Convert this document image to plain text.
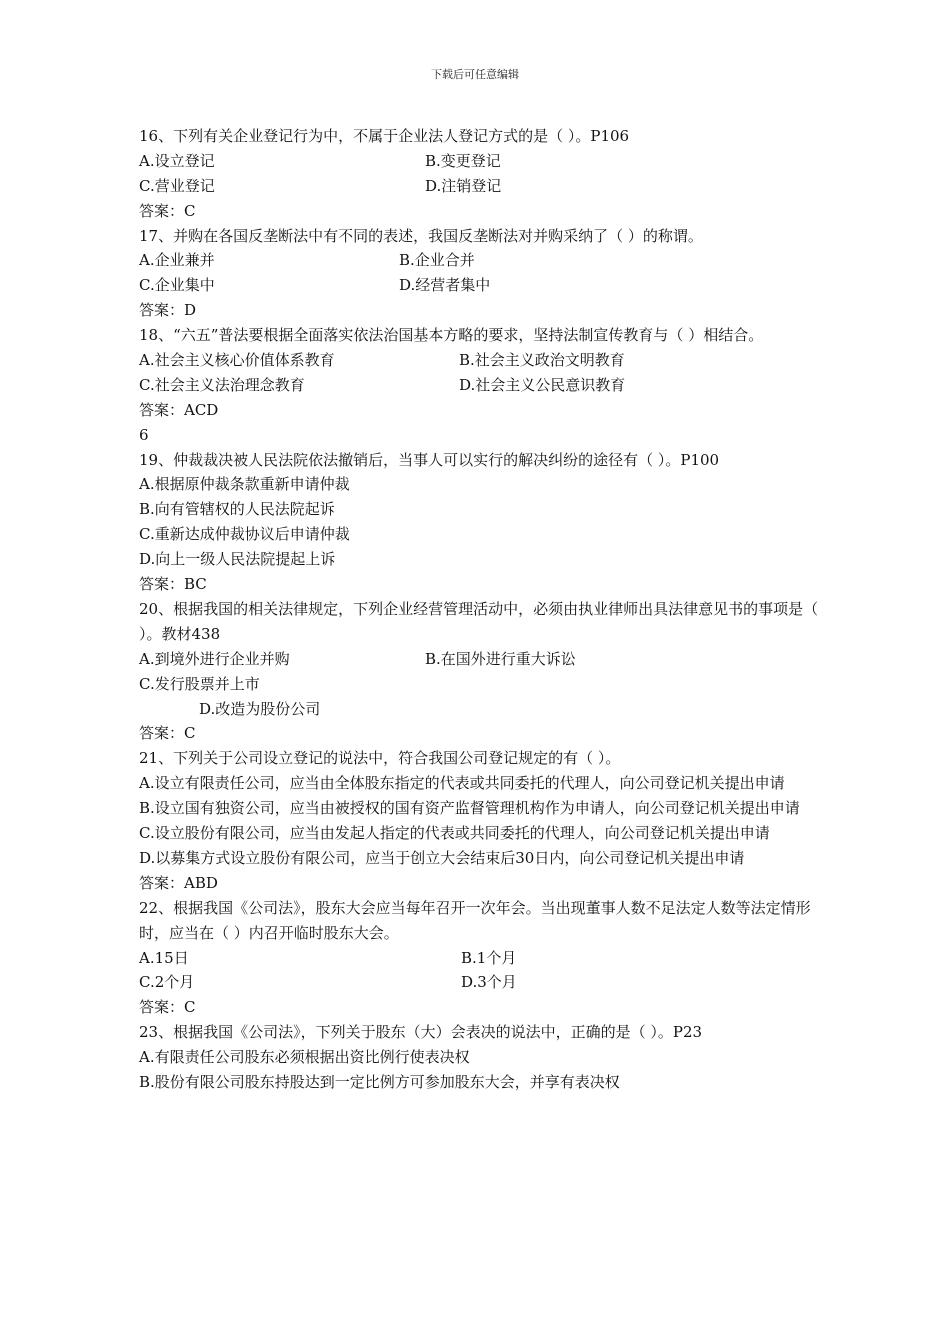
下载后可任意编辑
16、下列有关企业登记行为中，不属于企业法人登记方式的是（ ）。P106
A.设立登记	B.变更登记
C.营业登记	D.注销登记
答案：C
17、并购在各国反垄断法中有不同的表述，我国反垄断法对并购采纳了（ ）的称谓。
A.企业兼并	B.企业合并
C.企业集中	D.经营者集中
答案：D
18、“六五”普法要根据全面落实依法治国基本方略的要求，坚持法制宣传教育与（ ）相结合。
A.社会主义核心价值体系教育	B.社会主义政治文明教育
C.社会主义法治理念教育	D.社会主义公民意识教育
答案：ACD
6
19、仲裁裁决被人民法院依法撤销后，当事人可以实行的解决纠纷的途径有（ ）。P100
A.根据原仲裁条款重新申请仲裁
B.向有管辖权的人民法院起诉
C.重新达成仲裁协议后申请仲裁
D.向上一级人民法院提起上诉
答案：BC
20、根据我国的相关法律规定，下列企业经营管理活动中，必须由执业律师出具法律意见书的事项是（ ）。教材438
A.到境外进行企业并购	B.在国外进行重大诉讼
C.发行股票并上市
D.改造为股份公司
答案：C
21、下列关于公司设立登记的说法中，符合我国公司登记规定的有（ ）。
A.设立有限责任公司，应当由全体股东指定的代表或共同委托的代理人，向公司登记机关提出申请
B.设立国有独资公司，应当由被授权的国有资产监督管理机构作为申请人，向公司登记机关提出申请
C.设立股份有限公司，应当由发起人指定的代表或共同委托的代理人，向公司登记机关提出申请
D.以募集方式设立股份有限公司，应当于创立大会结束后30日内，向公司登记机关提出申请
答案：ABD
22、根据我国《公司法》，股东大会应当每年召开一次年会。当出现董事人数不足法定人数等法定情形时，应当在（ ）内召开临时股东大会。
A.15日	B.1个月
C.2个月	D.3个月
答案：C
23、根据我国《公司法》，下列关于股东（大）会表决的说法中，正确的是（ ）。P23
A.有限责任公司股东必须根据出资比例行使表决权
B.股份有限公司股东持股达到一定比例方可参加股东大会，并享有表决权
